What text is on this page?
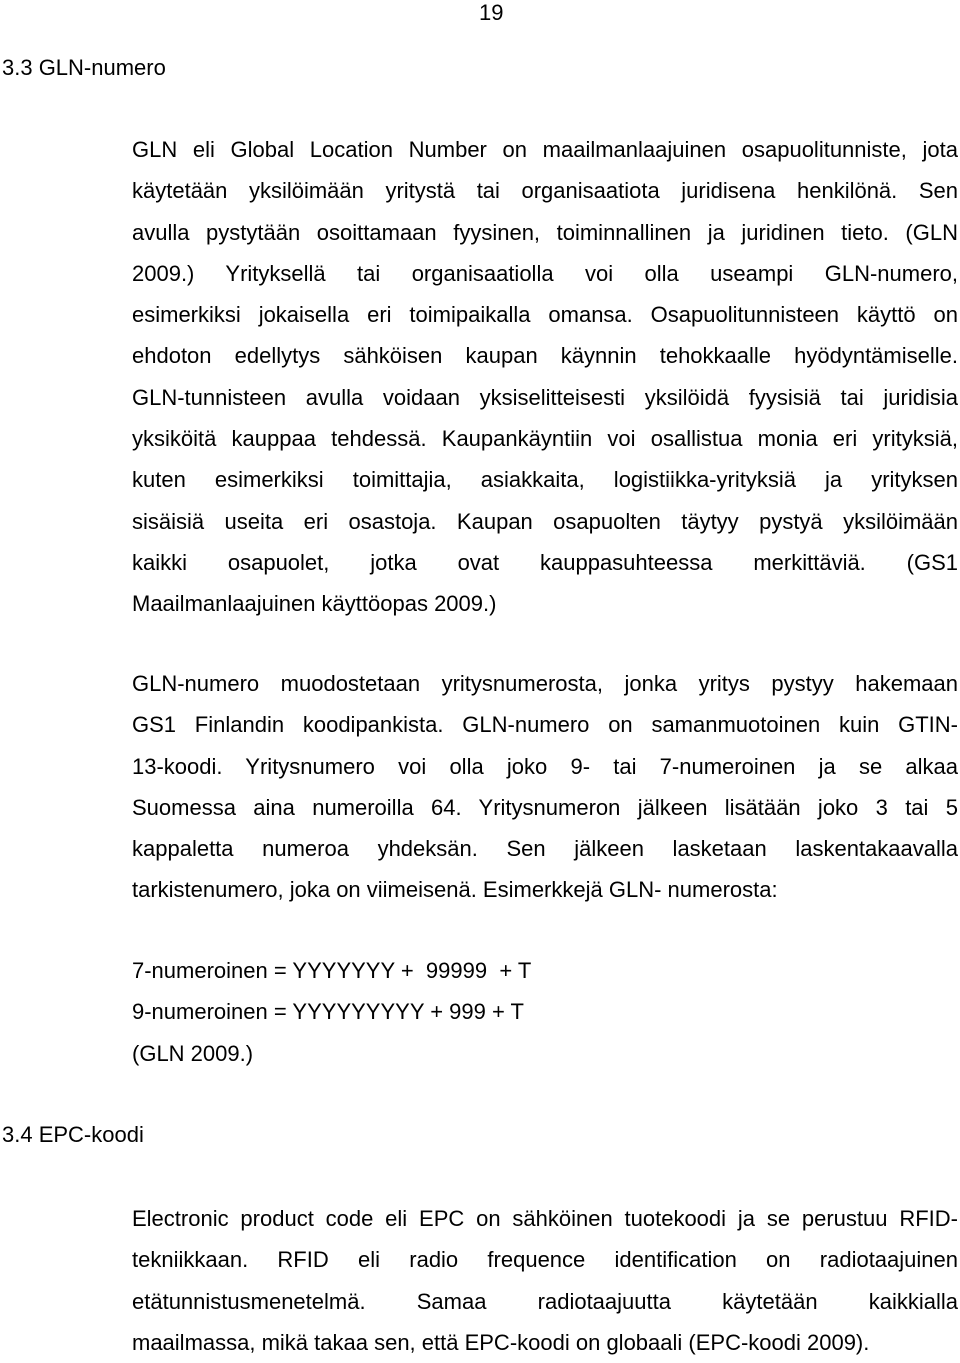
19
3.3 GLN-numero
GLN eli Global Location Number on maailmanlaajuinen osapuolitunniste, jota
käytetään yksilöimään yritystä tai organisaatiota juridisena henkilönä. Sen
avulla pystytään osoittamaan fyysinen, toiminnallinen ja juridinen tieto. (GLN
2009.) Yrityksellä tai organisaatiolla voi olla useampi GLN-numero,
esimerkiksi jokaisella eri toimipaikalla omansa. Osapuolitunnisteen käyttö on
ehdoton edellytys sähköisen kaupan käynnin tehokkaalle hyödyntämiselle.
GLN-tunnisteen avulla voidaan yksiselitteisesti yksilöidä fyysisiä tai juridisia
yksiköitä kauppaa tehdessä. Kaupankäyntiin voi osallistua monia eri yrityksiä,
kuten esimerkiksi toimittajia, asiakkaita, logistiikka-yrityksiä ja yrityksen
sisäisiä useita eri osastoja. Kaupan osapuolten täytyy pystyä yksilöimään
kaikki osapuolet, jotka ovat kauppasuhteessa merkittäviä. (GS1
Maailmanlaajuinen käyttöopas 2009.)
GLN-numero muodostetaan yritysnumerosta, jonka yritys pystyy hakemaan
GS1 Finlandin koodipankista. GLN-numero on samanmuotoinen kuin GTIN-
13-koodi. Yritysnumero voi olla joko 9- tai 7-numeroinen ja se alkaa
Suomessa aina numeroilla 64. Yritysnumeron jälkeen lisätään joko 3 tai 5
kappaletta numeroa yhdeksän. Sen jälkeen lasketaan laskentakaavalla
tarkistenumero, joka on viimeisenä. Esimerkkejä GLN- numerosta:
7-numeroinen = YYYYYYY +  99999  + T
9-numeroinen = YYYYYYYYY + 999 + T
(GLN 2009.)
3.4 EPC-koodi
Electronic product code eli EPC on sähköinen tuotekoodi ja se perustuu RFID-
tekniikkaan. RFID eli radio frequence identification on radiotaajuinen
etätunnistusmenetelmä. Samaa radiotaajuutta käytetään kaikkialla
maailmassa, mikä takaa sen, että EPC-koodi on globaali (EPC-koodi 2009).
